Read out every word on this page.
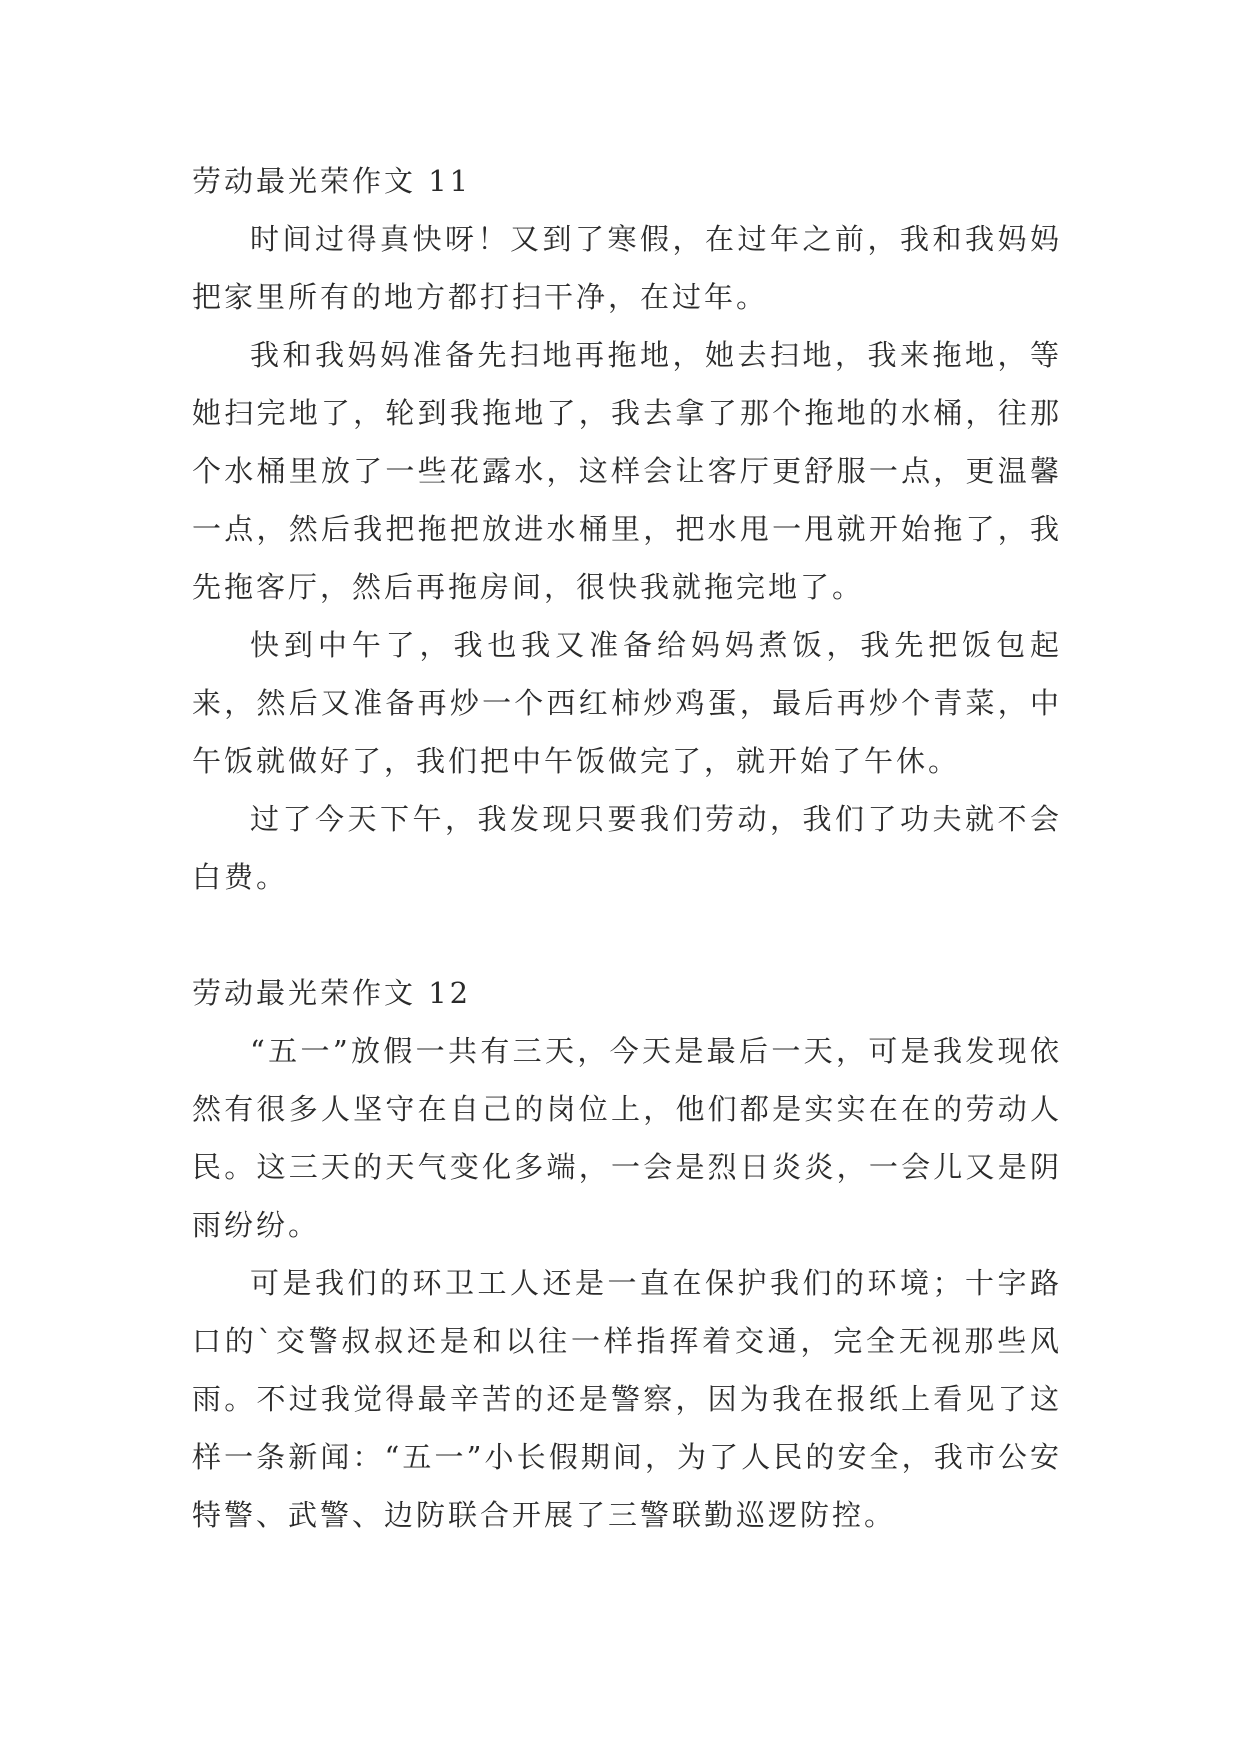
劳动最光荣作文 11

时间过得真快呀！又到了寒假，在过年之前，我和我妈妈把家里所有的地方都打扫干净，在过年。

我和我妈妈准备先扫地再拖地，她去扫地，我来拖地，等她扫完地了，轮到我拖地了，我去拿了那个拖地的水桶，往那个水桶里放了一些花露水，这样会让客厅更舒服一点，更温馨一点，然后我把拖把放进水桶里，把水甩一甩就开始拖了，我先拖客厅，然后再拖房间，很快我就拖完地了。

快到中午了，我也我又准备给妈妈煮饭，我先把饭包起来，然后又准备再炒一个西红柿炒鸡蛋，最后再炒个青菜，中午饭就做好了，我们把中午饭做完了，就开始了午休。

过了今天下午，我发现只要我们劳动，我们了功夫就不会白费。

劳动最光荣作文 12

“五一”放假一共有三天，今天是最后一天，可是我发现依然有很多人坚守在自己的岗位上，他们都是实实在在的劳动人民。这三天的天气变化多端，一会是烈日炎炎，一会儿又是阴雨纷纷。

可是我们的环卫工人还是一直在保护我们的环境；十字路口的`交警叔叔还是和以往一样指挥着交通，完全无视那些风雨。不过我觉得最辛苦的还是警察，因为我在报纸上看见了这样一条新闻：“五一”小长假期间，为了人民的安全，我市公安特警、武警、边防联合开展了三警联勤巡逻防控。
